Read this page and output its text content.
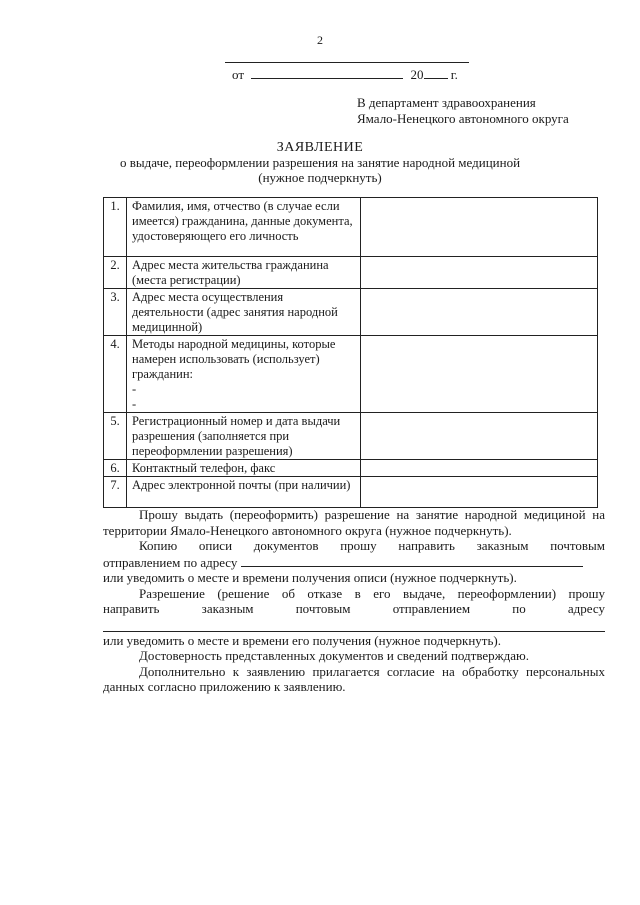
2
от	20 г.
В департамент здравоохранения
Ямало-Ненецкого автономного округа
ЗАЯВЛЕНИЕ
о выдаче, переоформлении разрешения на занятие народной медициной
(нужное подчеркнуть)
1.	Фамилия, имя, отчество (в случае если имеется) гражданина, данные документа, удостоверяющего его личность	
2.	Адрес места жительства гражданина (места регистрации)	
3.	Адрес места осуществления деятельности (адрес занятия народной медицинной)	
4.	Методы народной медицины, которые намерен использовать (использует) гражданин:
-
-	

5.	Регистрационный номер и дата выдачи разрешения (заполняется при переоформлении разрешения)	
6.	Контактный телефон, факс	
7.	Адрес электронной почты (при наличии)	

Прошу выдать (переоформить) разрешение на занятие народной медициной на территории Ямало-Ненецкого автономного округа (нужное подчеркнуть).

Копию описи документов прошу направить заказным почтовым

отправлением по адресу

или уведомить о месте и времени получения описи (нужное подчеркнуть).

Разрешение (решение об отказе в его выдаче, переоформлении) прошу

направить заказным почтовым отправлением по адресу

или уведомить о месте и времени его получения (нужное подчеркнуть).

Достоверность представленных документов и сведений подтверждаю.

Дополнительно к заявлению прилагается согласие на обработку персональных данных согласно приложению к заявлению.
